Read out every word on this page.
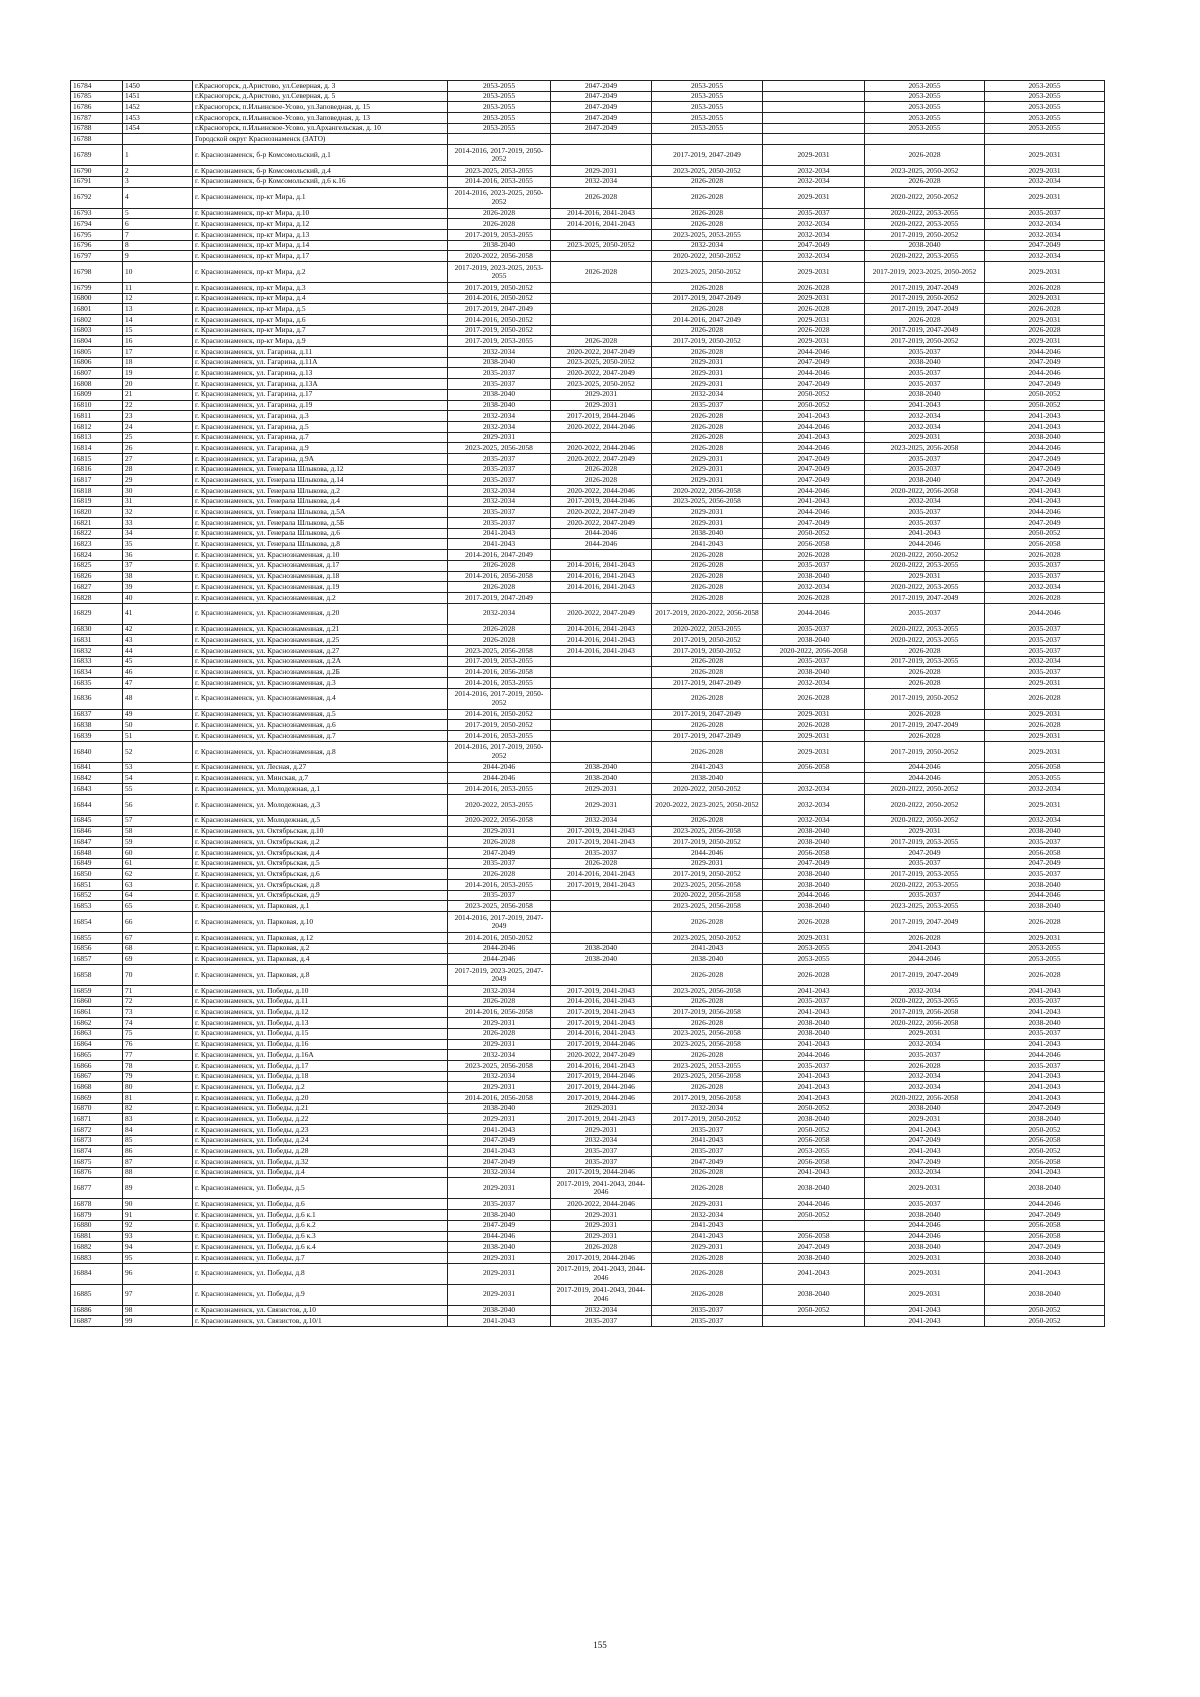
16784	1450	г.Красногорск, д.Аристово, ул.Северная, д. 3	2053-2055	2047-2049	2053-2055		2053-2055	2053-2055
16785	1451	г.Красногорск, д.Аристово, ул.Северная, д. 5	2053-2055	2047-2049	2053-2055		2053-2055	2053-2055
16786	1452	г.Красногорск, п.Ильинское-Усово, ул.Заповедная, д. 15	2053-2055	2047-2049	2053-2055		2053-2055	2053-2055
16787	1453	г.Красногорск, п.Ильинское-Усово, ул.Заповедная, д. 13	2053-2055	2047-2049	2053-2055		2053-2055	2053-2055
16788	1454	г.Красногорск, п.Ильинское-Усово, ул.Архангельская, д. 10	2053-2055	2047-2049	2053-2055		2053-2055	2053-2055
16788		Городской округ Краснознаменск (ЗАТО)						
16789	1	г. Краснознаменск, б-р Комсомольский, д.1	2014-2016, 2017-2019, 2050-2052		2017-2019, 2047-2049	2029-2031	2026-2028	2029-2031
16790	2	г. Краснознаменск, б-р Комсомольский, д.4	2023-2025, 2053-2055	2029-2031	2023-2025, 2050-2052	2032-2034	2023-2025, 2050-2052	2029-2031
16791	3	г. Краснознаменск, б-р Комсомольский, д.6 к.16	2014-2016, 2053-2055	2032-2034	2026-2028	2032-2034	2026-2028	2032-2034
16792	4	г. Краснознаменск, пр-кт Мира, д.1	2014-2016, 2023-2025, 2050-2052	2026-2028	2026-2028	2029-2031	2020-2022, 2050-2052	2029-2031
16793	5	г. Краснознаменск, пр-кт Мира, д.10	2026-2028	2014-2016, 2041-2043	2026-2028	2035-2037	2020-2022, 2053-2055	2035-2037
16794	6	г. Краснознаменск, пр-кт Мира, д.12	2026-2028	2014-2016, 2041-2043	2026-2028	2032-2034	2020-2022, 2053-2055	2032-2034
16795	7	г. Краснознаменск, пр-кт Мира, д.13	2017-2019, 2053-2055		2023-2025, 2053-2055	2032-2034	2017-2019, 2050-2052	2032-2034
16796	8	г. Краснознаменск, пр-кт Мира, д.14	2038-2040	2023-2025, 2050-2052	2032-2034	2047-2049	2038-2040	2047-2049
16797	9	г. Краснознаменск, пр-кт Мира, д.17	2020-2022, 2056-2058		2020-2022, 2050-2052	2032-2034	2020-2022, 2053-2055	2032-2034
16798	10	г. Краснознаменск, пр-кт Мира, д.2	2017-2019, 2023-2025, 2053-2055	2026-2028	2023-2025, 2050-2052	2029-2031	2017-2019, 2023-2025, 2050-2052	2029-2031
16799	11	г. Краснознаменск, пр-кт Мира, д.3	2017-2019, 2050-2052		2026-2028	2026-2028	2017-2019, 2047-2049	2026-2028
16800	12	г. Краснознаменск, пр-кт Мира, д.4	2014-2016, 2050-2052		2017-2019, 2047-2049	2029-2031	2017-2019, 2050-2052	2029-2031
16801	13	г. Краснознаменск, пр-кт Мира, д.5	2017-2019, 2047-2049		2026-2028	2026-2028	2017-2019, 2047-2049	2026-2028
16802	14	г. Краснознаменск, пр-кт Мира, д.6	2014-2016, 2050-2052		2014-2016, 2047-2049	2029-2031	2026-2028	2029-2031
16803	15	г. Краснознаменск, пр-кт Мира, д.7	2017-2019, 2050-2052		2026-2028	2026-2028	2017-2019, 2047-2049	2026-2028
16804	16	г. Краснознаменск, пр-кт Мира, д.9	2017-2019, 2053-2055	2026-2028	2017-2019, 2050-2052	2029-2031	2017-2019, 2050-2052	2029-2031
16805	17	г. Краснознаменск, ул. Гагарина, д.11	2032-2034	2020-2022, 2047-2049	2026-2028	2044-2046	2035-2037	2044-2046
16806	18	г. Краснознаменск, ул. Гагарина, д.11А	2038-2040	2023-2025, 2050-2052	2029-2031	2047-2049	2038-2040	2047-2049
16807	19	г. Краснознаменск, ул. Гагарина, д.13	2035-2037	2020-2022, 2047-2049	2029-2031	2044-2046	2035-2037	2044-2046
16808	20	г. Краснознаменск, ул. Гагарина, д.13А	2035-2037	2023-2025, 2050-2052	2029-2031	2047-2049	2035-2037	2047-2049
16809	21	г. Краснознаменск, ул. Гагарина, д.17	2038-2040	2029-2031	2032-2034	2050-2052	2038-2040	2050-2052
16810	22	г. Краснознаменск, ул. Гагарина, д.19	2038-2040	2029-2031	2035-2037	2050-2052	2041-2043	2050-2052
16811	23	г. Краснознаменск, ул. Гагарина, д.3	2032-2034	2017-2019, 2044-2046	2026-2028	2041-2043	2032-2034	2041-2043
16812	24	г. Краснознаменск, ул. Гагарина, д.5	2032-2034	2020-2022, 2044-2046	2026-2028	2044-2046	2032-2034	2041-2043
16813	25	г. Краснознаменск, ул. Гагарина, д.7	2029-2031		2026-2028	2041-2043	2029-2031	2038-2040
16814	26	г. Краснознаменск, ул. Гагарина, д.9	2023-2025, 2056-2058	2020-2022, 2044-2046	2026-2028	2044-2046	2023-2025, 2056-2058	2044-2046
16815	27	г. Краснознаменск, ул. Гагарина, д.9А	2035-2037	2020-2022, 2047-2049	2029-2031	2047-2049	2035-2037	2047-2049
16816	28	г. Краснознаменск, ул. Генерала Шлыкова, д.12	2035-2037	2026-2028	2029-2031	2047-2049	2035-2037	2047-2049
16817	29	г. Краснознаменск, ул. Генерала Шлыкова, д.14	2035-2037	2026-2028	2029-2031	2047-2049	2038-2040	2047-2049
16818	30	г. Краснознаменск, ул. Генерала Шлыкова, д.2	2032-2034	2020-2022, 2044-2046	2020-2022, 2056-2058	2044-2046	2020-2022, 2056-2058	2041-2043
16819	31	г. Краснознаменск, ул. Генерала Шлыкова, д.4	2032-2034	2017-2019, 2044-2046	2023-2025, 2056-2058	2041-2043	2032-2034	2041-2043
16820	32	г. Краснознаменск, ул. Генерала Шлыкова, д.5А	2035-2037	2020-2022, 2047-2049	2029-2031	2044-2046	2035-2037	2044-2046
16821	33	г. Краснознаменск, ул. Генерала Шлыкова, д.5Б	2035-2037	2020-2022, 2047-2049	2029-2031	2047-2049	2035-2037	2047-2049
16822	34	г. Краснознаменск, ул. Генерала Шлыкова, д.6	2041-2043	2044-2046	2038-2040	2050-2052	2041-2043	2050-2052
16823	35	г. Краснознаменск, ул. Генерала Шлыкова, д.8	2041-2043	2044-2046	2041-2043	2056-2058	2044-2046	2056-2058
16824	36	г. Краснознаменск, ул. Краснознаменная, д.10	2014-2016, 2047-2049		2026-2028	2026-2028	2020-2022, 2050-2052	2026-2028
16825	37	г. Краснознаменск, ул. Краснознаменная, д.17	2026-2028	2014-2016, 2041-2043	2026-2028	2035-2037	2020-2022, 2053-2055	2035-2037
16826	38	г. Краснознаменск, ул. Краснознаменная, д.18	2014-2016, 2056-2058	2014-2016, 2041-2043	2026-2028	2038-2040	2029-2031	2035-2037
16827	39	г. Краснознаменск, ул. Краснознаменная, д.19	2026-2028	2014-2016, 2041-2043	2026-2028	2032-2034	2020-2022, 2053-2055	2032-2034
16828	40	г. Краснознаменск, ул. Краснознаменная, д.2	2017-2019, 2047-2049		2026-2028	2026-2028	2017-2019, 2047-2049	2026-2028
16829	41	г. Краснознаменск, ул. Краснознаменная, д.20	2032-2034	2020-2022, 2047-2049	2017-2019, 2020-2022, 2056-2058	2044-2046	2035-2037	2044-2046
16830	42	г. Краснознаменск, ул. Краснознаменная, д.21	2026-2028	2014-2016, 2041-2043	2020-2022, 2053-2055	2035-2037	2020-2022, 2053-2055	2035-2037
16831	43	г. Краснознаменск, ул. Краснознаменная, д.25	2026-2028	2014-2016, 2041-2043	2017-2019, 2050-2052	2038-2040	2020-2022, 2053-2055	2035-2037
16832	44	г. Краснознаменск, ул. Краснознаменная, д.27	2023-2025, 2056-2058	2014-2016, 2041-2043	2017-2019, 2050-2052	2020-2022, 2056-2058	2026-2028	2035-2037
16833	45	г. Краснознаменск, ул. Краснознаменная, д.2А	2017-2019, 2053-2055		2026-2028	2035-2037	2017-2019, 2053-2055	2032-2034
16834	46	г. Краснознаменск, ул. Краснознаменная, д.2Б	2014-2016, 2056-2058		2026-2028	2038-2040	2026-2028	2035-2037
16835	47	г. Краснознаменск, ул. Краснознаменная, д.3	2014-2016, 2053-2055		2017-2019, 2047-2049	2032-2034	2026-2028	2029-2031
16836	48	г. Краснознаменск, ул. Краснознаменная, д.4	2014-2016, 2017-2019, 2050-2052		2026-2028	2026-2028	2017-2019, 2050-2052	2026-2028
16837	49	г. Краснознаменск, ул. Краснознаменная, д.5	2014-2016, 2050-2052		2017-2019, 2047-2049	2029-2031	2026-2028	2029-2031
16838	50	г. Краснознаменск, ул. Краснознаменная, д.6	2017-2019, 2050-2052		2026-2028	2026-2028	2017-2019, 2047-2049	2026-2028
16839	51	г. Краснознаменск, ул. Краснознаменная, д.7	2014-2016, 2053-2055		2017-2019, 2047-2049	2029-2031	2026-2028	2029-2031
16840	52	г. Краснознаменск, ул. Краснознаменная, д.8	2014-2016, 2017-2019, 2050-2052		2026-2028	2029-2031	2017-2019, 2050-2052	2029-2031
16841	53	г. Краснознаменск, ул. Лесная, д.27	2044-2046	2038-2040	2041-2043	2056-2058	2044-2046	2056-2058
16842	54	г. Краснознаменск, ул. Минская, д.7	2044-2046	2038-2040	2038-2040		2044-2046	2053-2055
16843	55	г. Краснознаменск, ул. Молодежная, д.1	2014-2016, 2053-2055	2029-2031	2020-2022, 2050-2052	2032-2034	2020-2022, 2050-2052	2032-2034
16844	56	г. Краснознаменск, ул. Молодежная, д.3	2020-2022, 2053-2055	2029-2031	2020-2022, 2023-2025, 2050-2052	2032-2034	2020-2022, 2050-2052	2029-2031
16845	57	г. Краснознаменск, ул. Молодежная, д.5	2020-2022, 2056-2058	2032-2034	2026-2028	2032-2034	2020-2022, 2050-2052	2032-2034
16846	58	г. Краснознаменск, ул. Октябрьская, д.10	2029-2031	2017-2019, 2041-2043	2023-2025, 2056-2058	2038-2040	2029-2031	2038-2040
16847	59	г. Краснознаменск, ул. Октябрьская, д.2	2026-2028	2017-2019, 2041-2043	2017-2019, 2050-2052	2038-2040	2017-2019, 2053-2055	2035-2037
16848	60	г. Краснознаменск, ул. Октябрьская, д.4	2047-2049	2035-2037	2044-2046	2056-2058	2047-2049	2056-2058
16849	61	г. Краснознаменск, ул. Октябрьская, д.5	2035-2037	2026-2028	2029-2031	2047-2049	2035-2037	2047-2049
16850	62	г. Краснознаменск, ул. Октябрьская, д.6	2026-2028	2014-2016, 2041-2043	2017-2019, 2050-2052	2038-2040	2017-2019, 2053-2055	2035-2037
16851	63	г. Краснознаменск, ул. Октябрьская, д.8	2014-2016, 2053-2055	2017-2019, 2041-2043	2023-2025, 2056-2058	2038-2040	2020-2022, 2053-2055	2038-2040
16852	64	г. Краснознаменск, ул. Октябрьская, д.9	2035-2037		2020-2022, 2056-2058	2044-2046	2035-2037	2044-2046
16853	65	г. Краснознаменск, ул. Парковая, д.1	2023-2025, 2056-2058		2023-2025, 2056-2058	2038-2040	2023-2025, 2053-2055	2038-2040
16854	66	г. Краснознаменск, ул. Парковая, д.10	2014-2016, 2017-2019, 2047-2049		2026-2028	2026-2028	2017-2019, 2047-2049	2026-2028
16855	67	г. Краснознаменск, ул. Парковая, д.12	2014-2016, 2050-2052		2023-2025, 2050-2052	2029-2031	2026-2028	2029-2031
16856	68	г. Краснознаменск, ул. Парковая, д.2	2044-2046	2038-2040	2041-2043	2053-2055	2041-2043	2053-2055
16857	69	г. Краснознаменск, ул. Парковая, д.4	2044-2046	2038-2040	2038-2040	2053-2055	2044-2046	2053-2055
16858	70	г. Краснознаменск, ул. Парковая, д.8	2017-2019, 2023-2025, 2047-2049		2026-2028	2026-2028	2017-2019, 2047-2049	2026-2028
16859	71	г. Краснознаменск, ул. Победы, д.10	2032-2034	2017-2019, 2041-2043	2023-2025, 2056-2058	2041-2043	2032-2034	2041-2043
16860	72	г. Краснознаменск, ул. Победы, д.11	2026-2028	2014-2016, 2041-2043	2026-2028	2035-2037	2020-2022, 2053-2055	2035-2037
16861	73	г. Краснознаменск, ул. Победы, д.12	2014-2016, 2056-2058	2017-2019, 2041-2043	2017-2019, 2056-2058	2041-2043	2017-2019, 2056-2058	2041-2043
16862	74	г. Краснознаменск, ул. Победы, д.13	2029-2031	2017-2019, 2041-2043	2026-2028	2038-2040	2020-2022, 2056-2058	2038-2040
16863	75	г. Краснознаменск, ул. Победы, д.15	2026-2028	2014-2016, 2041-2043	2023-2025, 2056-2058	2038-2040	2029-2031	2035-2037
16864	76	г. Краснознаменск, ул. Победы, д.16	2029-2031	2017-2019, 2044-2046	2023-2025, 2056-2058	2041-2043	2032-2034	2041-2043
16865	77	г. Краснознаменск, ул. Победы, д.16А	2032-2034	2020-2022, 2047-2049	2026-2028	2044-2046	2035-2037	2044-2046
16866	78	г. Краснознаменск, ул. Победы, д.17	2023-2025, 2056-2058	2014-2016, 2041-2043	2023-2025, 2053-2055	2035-2037	2026-2028	2035-2037
16867	79	г. Краснознаменск, ул. Победы, д.18	2032-2034	2017-2019, 2044-2046	2023-2025, 2056-2058	2041-2043	2032-2034	2041-2043
16868	80	г. Краснознаменск, ул. Победы, д.2	2029-2031	2017-2019, 2044-2046	2026-2028	2041-2043	2032-2034	2041-2043
16869	81	г. Краснознаменск, ул. Победы, д.20	2014-2016, 2056-2058	2017-2019, 2044-2046	2017-2019, 2056-2058	2041-2043	2020-2022, 2056-2058	2041-2043
16870	82	г. Краснознаменск, ул. Победы, д.21	2038-2040	2029-2031	2032-2034	2050-2052	2038-2040	2047-2049
16871	83	г. Краснознаменск, ул. Победы, д.22	2029-2031	2017-2019, 2041-2043	2017-2019, 2050-2052	2038-2040	2029-2031	2038-2040
16872	84	г. Краснознаменск, ул. Победы, д.23	2041-2043	2029-2031	2035-2037	2050-2052	2041-2043	2050-2052
16873	85	г. Краснознаменск, ул. Победы, д.24	2047-2049	2032-2034	2041-2043	2056-2058	2047-2049	2056-2058
16874	86	г. Краснознаменск, ул. Победы, д.28	2041-2043	2035-2037	2035-2037	2053-2055	2041-2043	2050-2052
16875	87	г. Краснознаменск, ул. Победы, д.32	2047-2049	2035-2037	2047-2049	2056-2058	2047-2049	2056-2058
16876	88	г. Краснознаменск, ул. Победы, д.4	2032-2034	2017-2019, 2044-2046	2026-2028	2041-2043	2032-2034	2041-2043
16877	89	г. Краснознаменск, ул. Победы, д.5	2029-2031	2017-2019, 2041-2043, 2044-2046	2026-2028	2038-2040	2029-2031	2038-2040
16878	90	г. Краснознаменск, ул. Победы, д.6	2035-2037	2020-2022, 2044-2046	2029-2031	2044-2046	2035-2037	2044-2046
16879	91	г. Краснознаменск, ул. Победы, д.6 к.1	2038-2040	2029-2031	2032-2034	2050-2052	2038-2040	2047-2049
16880	92	г. Краснознаменск, ул. Победы, д.6 к.2	2047-2049	2029-2031	2041-2043		2044-2046	2056-2058
16881	93	г. Краснознаменск, ул. Победы, д.6 к.3	2044-2046	2029-2031	2041-2043	2056-2058	2044-2046	2056-2058
16882	94	г. Краснознаменск, ул. Победы, д.6 к.4	2038-2040	2026-2028	2029-2031	2047-2049	2038-2040	2047-2049
16883	95	г. Краснознаменск, ул. Победы, д.7	2029-2031	2017-2019, 2044-2046	2026-2028	2038-2040	2029-2031	2038-2040
16884	96	г. Краснознаменск, ул. Победы, д.8	2029-2031	2017-2019, 2041-2043, 2044-2046	2026-2028	2041-2043	2029-2031	2041-2043
16885	97	г. Краснознаменск, ул. Победы, д.9	2029-2031	2017-2019, 2041-2043, 2044-2046	2026-2028	2038-2040	2029-2031	2038-2040
16886	98	г. Краснознаменск, ул. Связистов, д.10	2038-2040	2032-2034	2035-2037	2050-2052	2041-2043	2050-2052
16887	99	г. Краснознаменск, ул. Связистов, д.10/1	2041-2043	2035-2037	2035-2037		2041-2043	2050-2052
155
